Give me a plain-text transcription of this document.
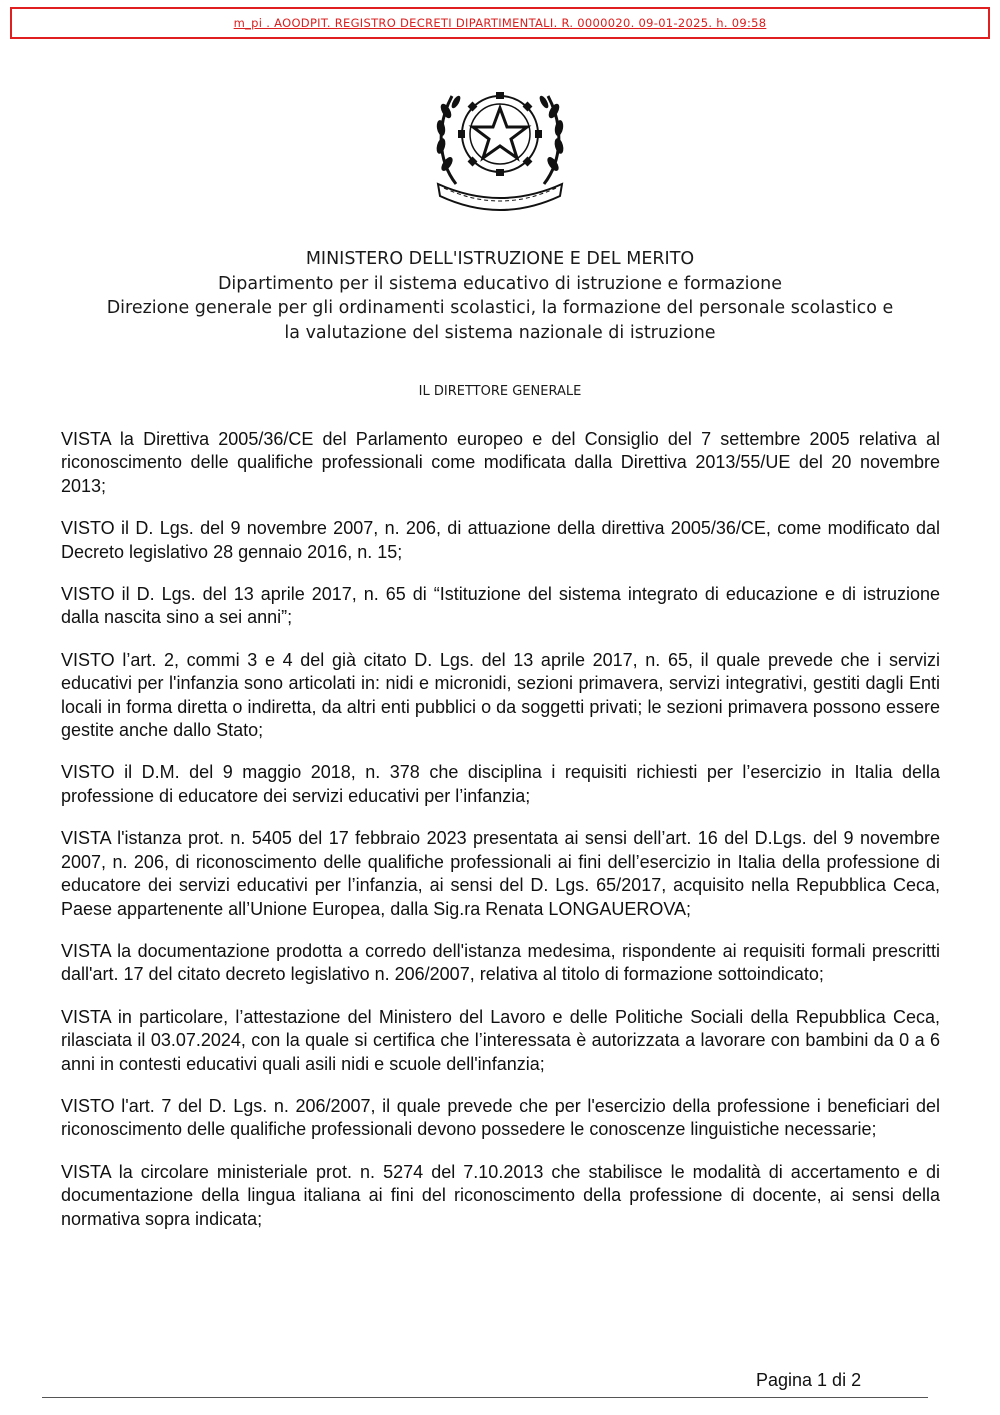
m_pi . AOODPIT. REGISTRO DECRETI DIPARTIMENTALI. R. 0000020. 09-01-2025. h. 09:58
MINISTERO DELL'ISTRUZIONE E DEL MERITO
Dipartimento per il sistema educativo di istruzione e formazione
Direzione generale per gli ordinamenti scolastici, la formazione del personale scolastico e
la valutazione del sistema nazionale di istruzione
IL DIRETTORE GENERALE

VISTA la Direttiva 2005/36/CE del Parlamento europeo e del Consiglio del 7 settembre 2005 relativa al riconoscimento delle qualifiche professionali come modificata dalla Direttiva 2013/55/UE del 20 novembre 2013;

VISTO il D. Lgs. del 9 novembre 2007, n. 206, di attuazione della direttiva 2005/36/CE, come modificato dal Decreto legislativo 28 gennaio 2016, n. 15;

VISTO il D. Lgs. del 13 aprile 2017, n. 65 di “Istituzione del sistema integrato di educazione e di istruzione dalla nascita sino a sei anni”;

VISTO l’art. 2, commi 3 e 4 del già citato D. Lgs. del 13 aprile 2017, n. 65, il quale prevede che i servizi educativi per l'infanzia sono articolati in: nidi e micronidi, sezioni primavera, servizi integrativi, gestiti dagli Enti locali in forma diretta o indiretta, da altri enti pubblici o da soggetti privati; le sezioni primavera possono essere gestite anche dallo Stato;

VISTO il D.M. del 9 maggio 2018, n. 378 che disciplina i requisiti richiesti per l’esercizio in Italia della professione di educatore dei servizi educativi per l’infanzia;

VISTA l'istanza prot. n. 5405 del 17 febbraio 2023 presentata ai sensi dell’art. 16 del D.Lgs. del 9 novembre 2007, n. 206, di riconoscimento delle qualifiche professionali ai fini dell’esercizio in Italia della professione di educatore dei servizi educativi per l’infanzia, ai sensi del D. Lgs. 65/2017, acquisito nella Repubblica Ceca, Paese appartenente all’Unione Europea, dalla Sig.ra Renata LONGAUEROVA;

VISTA la documentazione prodotta a corredo dell'istanza medesima, rispondente ai requisiti formali prescritti dall'art. 17 del citato decreto legislativo n. 206/2007, relativa al titolo di formazione sottoindicato;

VISTA in particolare, l’attestazione del Ministero del Lavoro e delle Politiche Sociali della Repubblica Ceca, rilasciata il 03.07.2024, con la quale si certifica che l’interessata è autorizzata a lavorare con bambini da 0 a 6 anni in contesti educativi quali asili nidi e scuole dell'infanzia;

VISTO l'art. 7 del D. Lgs. n. 206/2007, il quale prevede che per l'esercizio della professione i beneficiari del riconoscimento delle qualifiche professionali devono possedere le conoscenze linguistiche necessarie;

VISTA la circolare ministeriale prot. n. 5274 del 7.10.2013 che stabilisce le modalità di accertamento e di documentazione della lingua italiana ai fini del riconoscimento della professione di docente, ai sensi della normativa sopra indicata;

Pagina 1 di 2
